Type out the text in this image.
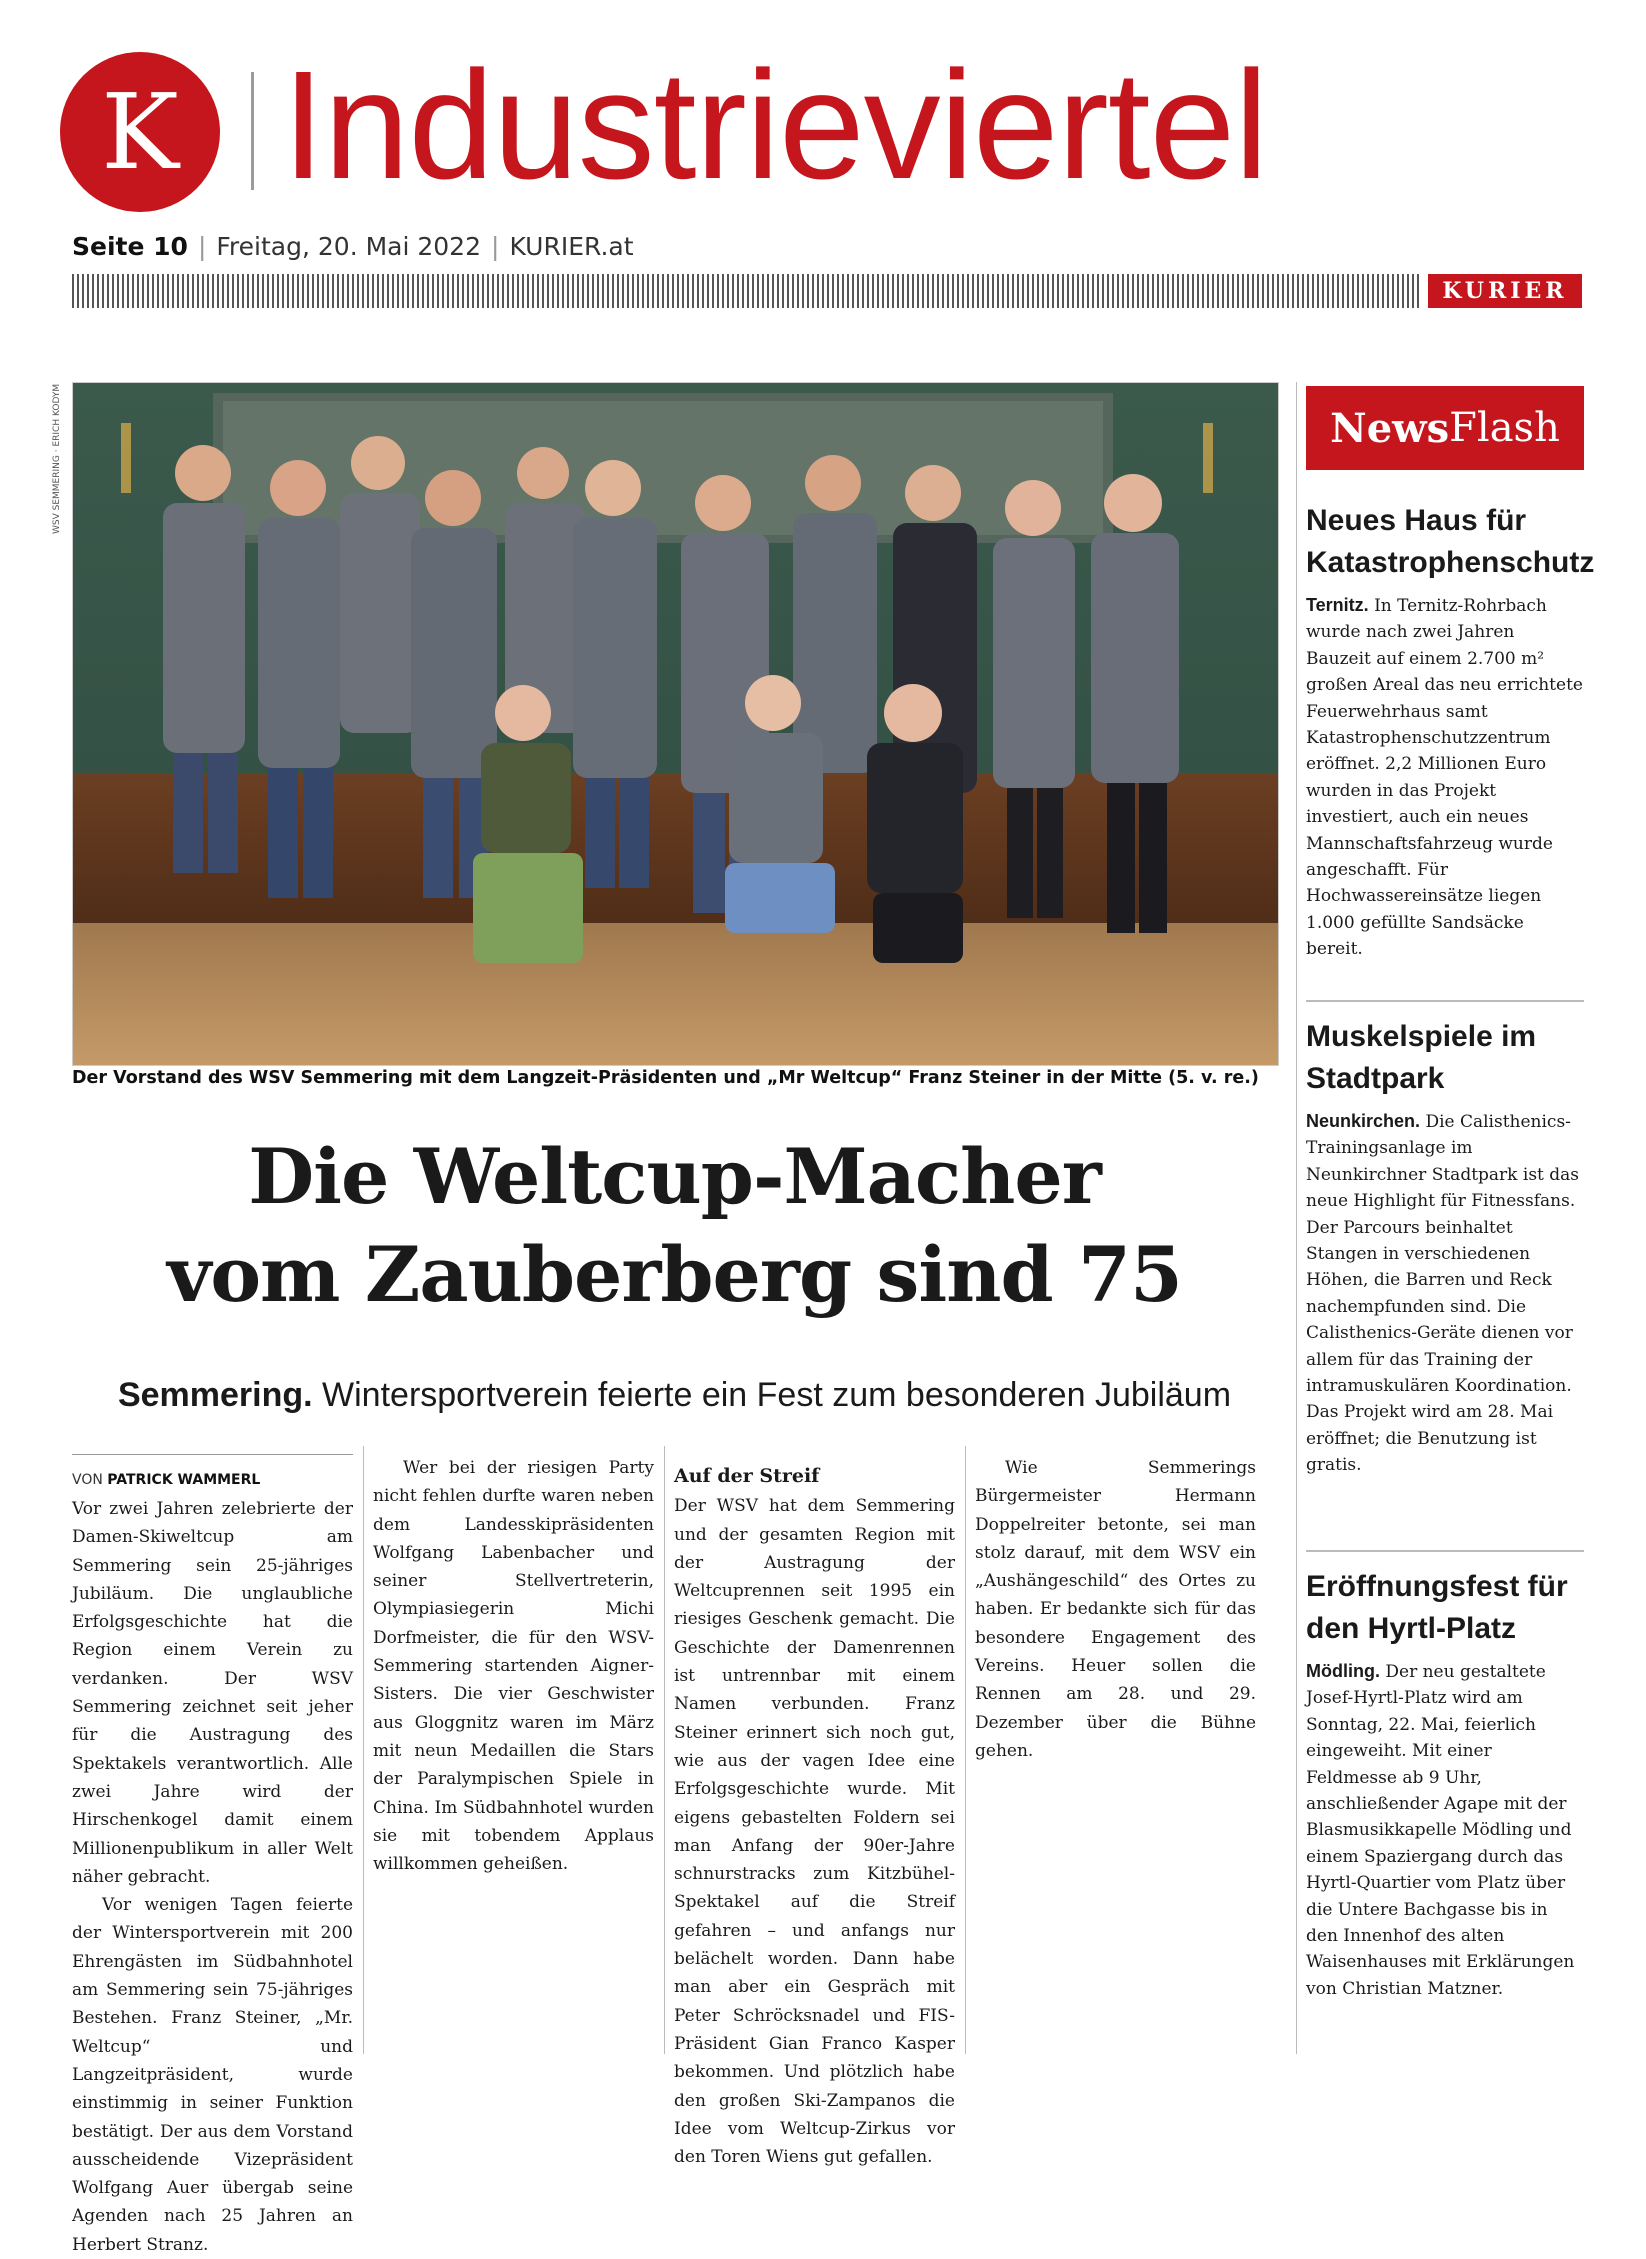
K Industrieviertel
Seite 10 | Freitag, 20. Mai 2022 | KURIER.at
KURIER
WSV SEMMERING · ERICH KODYM
Der Vorstand des WSV Semmering mit dem Langzeit-Präsidenten und „Mr Weltcup“ Franz Steiner in der Mitte (5. v. re.)
Die Weltcup-Macher
vom Zauberberg sind 75
Semmering. Wintersportverein feierte ein Fest zum besonderen Jubiläum
VON PATRICK WAMMERL

Vor zwei Jahren zelebrierte der Damen-Skiweltcup am Semmering sein 25-jähriges Jubiläum. Die unglaubliche Erfolgsgeschichte hat die Region einem Verein zu verdanken. Der WSV Semmering zeichnet seit jeher für die Austragung des Spektakels verantwortlich. Alle zwei Jahre wird der Hirschenkogel damit einem Millionenpublikum in aller Welt näher gebracht.

Vor wenigen Tagen feierte der Wintersportverein mit 200 Ehrengästen im Südbahnhotel am Semmering sein 75-jähriges Bestehen. Franz Steiner, „Mr. Weltcup“ und Langzeitpräsident, wurde einstimmig in seiner Funktion bestätigt. Der aus dem Vorstand ausscheidende Vizepräsident Wolfgang Auer übergab seine Agenden nach 25 Jahren an Herbert Stranz.

Wer bei der riesigen Party nicht fehlen durfte waren neben dem Landesskipräsidenten Wolfgang Labenbacher und seiner Stellvertreterin, Olympiasiegerin Michi Dorfmeister, die für den WSV-Semmering startenden Aigner-Sisters. Die vier Geschwister aus Gloggnitz waren im März mit neun Medaillen die Stars der Paralympischen Spiele in China. Im Südbahnhotel wurden sie mit tobendem Applaus willkommen geheißen.

Auf der Streif

Der WSV hat dem Semmering und der gesamten Region mit der Austragung der Weltcuprennen seit 1995 ein riesiges Geschenk gemacht. Die Geschichte der Damenrennen ist untrennbar mit einem Namen verbunden. Franz Steiner erinnert sich noch gut, wie aus der vagen Idee eine Erfolgsgeschichte wurde. Mit eigens gebastelten Foldern sei man Anfang der 90er-Jahre schnurstracks zum Kitzbühel-Spektakel auf die Streif gefahren – und anfangs nur belächelt worden. Dann habe man aber ein Gespräch mit Peter Schröcksnadel und FIS-Präsident Gian Franco Kasper bekommen. Und plötzlich habe den großen Ski-Zampanos die Idee vom Weltcup-Zirkus vor den Toren Wiens gut gefallen.

Wie Semmerings Bürgermeister Hermann Doppelreiter betonte, sei man stolz darauf, mit dem WSV ein „Aushängeschild“ des Ortes zu haben. Er bedankte sich für das besondere Engagement des Vereins. Heuer sollen die Rennen am 28. und 29. Dezember über die Bühne gehen.

News Flash
Neues Haus für Katastrophenschutz
Ternitz. In Ternitz-Rohrbach wurde nach zwei Jahren Bauzeit auf einem 2.700 m² großen Areal das neu errichtete Feuerwehrhaus samt Katastrophenschutzzentrum eröffnet. 2,2 Millionen Euro wurden in das Projekt investiert, auch ein neues Mannschaftsfahrzeug wurde angeschafft. Für Hochwassereinsätze liegen 1.000 gefüllte Sandsäcke bereit.
Muskelspiele im Stadtpark
Neunkirchen. Die Calisthenics-Trainingsanlage im Neunkirchner Stadtpark ist das neue Highlight für Fitnessfans. Der Parcours beinhaltet Stangen in verschiedenen Höhen, die Barren und Reck nachempfunden sind. Die Calisthenics-Geräte dienen vor allem für das Training der intramuskulären Koordination. Das Projekt wird am 28. Mai eröffnet; die Benutzung ist gratis.
Eröffnungsfest für den Hyrtl-Platz
Mödling. Der neu gestaltete Josef-Hyrtl-Platz wird am Sonntag, 22. Mai, feierlich eingeweiht. Mit einer Feldmesse ab 9 Uhr, anschließender Agape mit der Blasmusikkapelle Mödling und einem Spaziergang durch das Hyrtl-Quartier vom Platz über die Untere Bachgasse bis in den Innenhof des alten Waisenhauses mit Erklärungen von Christian Matzner.
